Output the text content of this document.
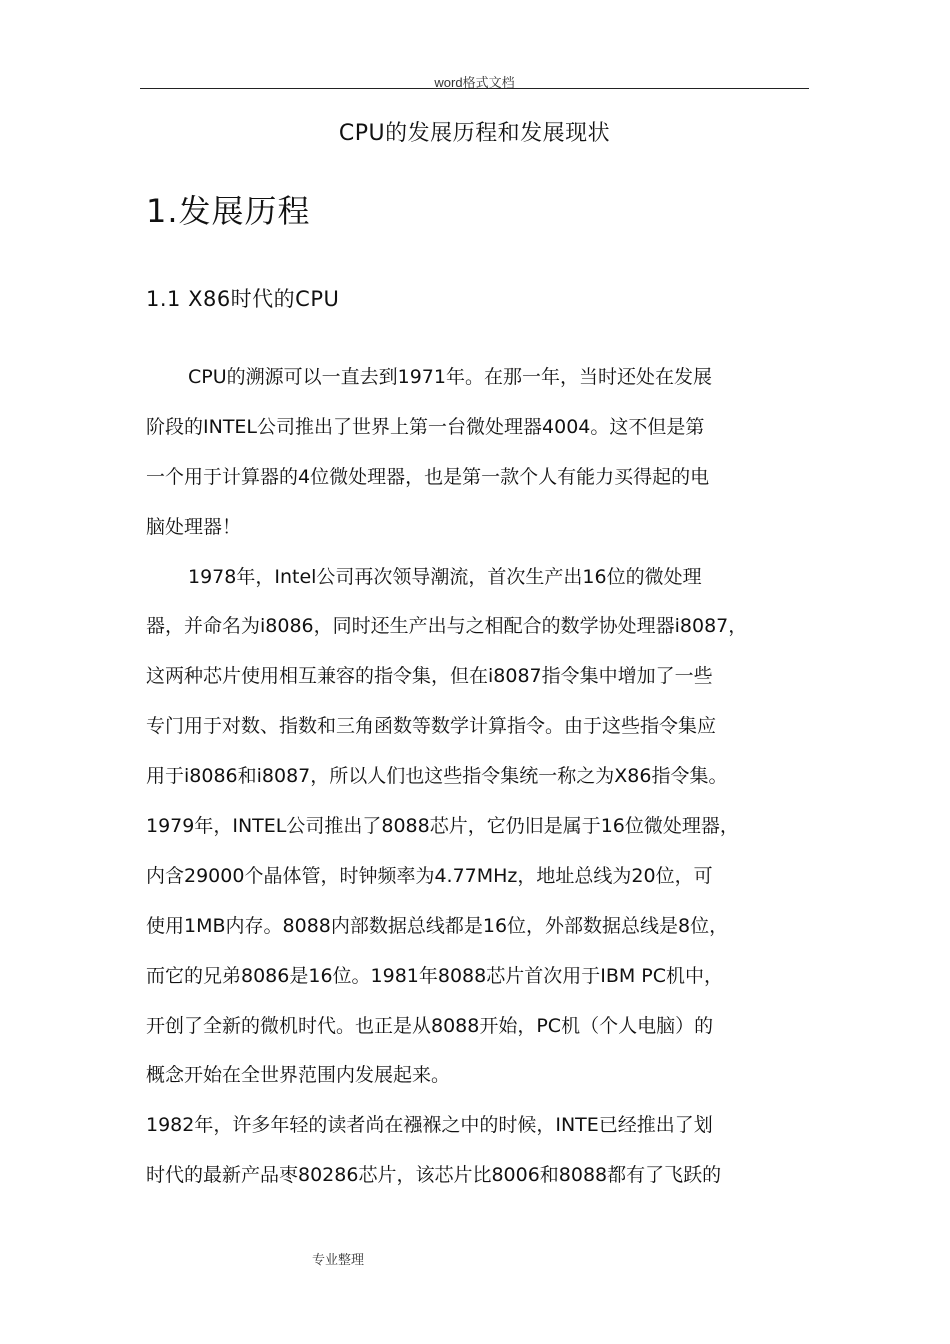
word格式文档
CPU的发展历程和发展现状
1.发展历程
1.1 X86时代的CPU
CPU的溯源可以一直去到1971年。在那一年，当时还处在发展
阶段的INTEL公司推出了世界上第一台微处理器4004。这不但是第
一个用于计算器的4位微处理器，也是第一款个人有能力买得起的电
脑处理器！
1978年，Intel公司再次领导潮流，首次生产出16位的微处理
器，并命名为i8086，同时还生产出与之相配合的数学协处理器i8087，
这两种芯片使用相互兼容的指令集，但在i8087指令集中增加了一些
专门用于对数、指数和三角函数等数学计算指令。由于这些指令集应
用于i8086和i8087，所以人们也这些指令集统一称之为X86指令集。
1979年，INTEL公司推出了8088芯片，它仍旧是属于16位微处理器，
内含29000个晶体管，时钟频率为4.77MHz，地址总线为20位，可
使用1MB内存。8088内部数据总线都是16位，外部数据总线是8位，
而它的兄弟8086是16位。1981年8088芯片首次用于IBM PC机中，
开创了全新的微机时代。也正是从8088开始，PC机（个人电脑）的
概念开始在全世界范围内发展起来。
1982年，许多年轻的读者尚在襁褓之中的时候，INTE已经推出了划
时代的最新产品枣80286芯片，该芯片比8006和8088都有了飞跃的
专业整理
